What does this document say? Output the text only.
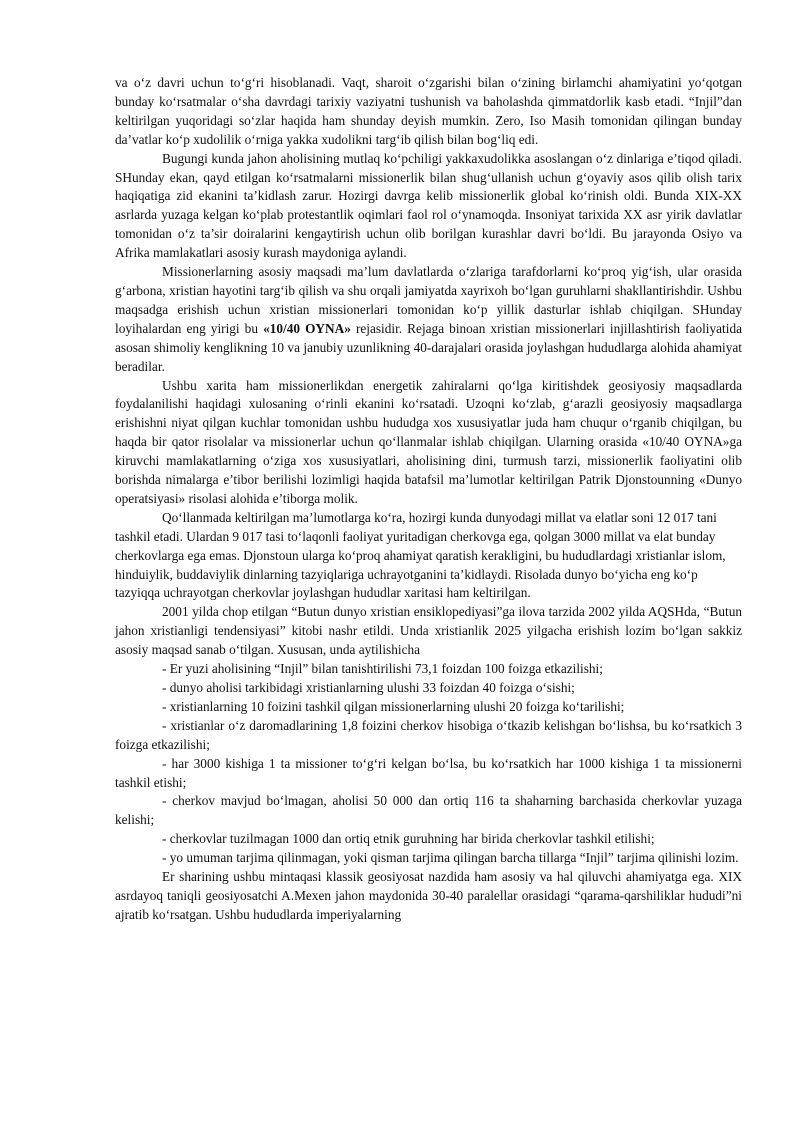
va o‘z davri uchun to‘g‘ri hisoblanadi. Vaqt, sharoit o‘zgarishi bilan o‘zining birlamchi ahamiyatini yo‘qotgan bunday ko‘rsatmalar o‘sha davrdagi tarixiy vaziyatni tushunish va baholashda qimmatdorlik kasb etadi. “Injil”dan keltirilgan yuqoridagi so‘zlar haqida ham shunday deyish mumkin. Zero, Iso Masih tomonidan qilingan bunday da’vatlar ko‘p xudolilik o‘rniga yakka xudolikni targ‘ib qilish bilan bog‘liq edi.

Bugungi kunda jahon aholisining mutlaq ko‘pchiligi yakkaxudolikka asoslangan o‘z dinlariga e’tiqod qiladi. SHunday ekan, qayd etilgan ko‘rsatmalarni missionerlik bilan shug‘ullanish uchun g‘oyaviy asos qilib olish tarix haqiqatiga zid ekanini ta’kidlash zarur. Hozirgi davrga kelib missionerlik global ko‘rinish oldi. Bunda XIX-XX asrlarda yuzaga kelgan ko‘plab protestantlik oqimlari faol rol o‘ynamoqda. Insoniyat tarixida XX asr yirik davlatlar tomonidan o‘z ta’sir doiralarini kengaytirish uchun olib borilgan kurashlar davri bo‘ldi. Bu jarayonda Osiyo va Afrika mamlakatlari asosiy kurash maydoniga aylandi.

Missionerlarning asosiy maqsadi ma’lum davlatlarda o‘zlariga tarafdorlarni ko‘proq yig‘ish, ular orasida g‘arbona, xristian hayotini targ‘ib qilish va shu orqali jamiyatda xayrixoh bo‘lgan guruhlarni shakllantirishdir. Ushbu maqsadga erishish uchun xristian missionerlari tomonidan ko‘p yillik dasturlar ishlab chiqilgan. SHunday loyihalardan eng yirigi bu «10/40 OYNA» rejasidir. Rejaga binoan xristian missionerlari injillashtirish faoliyatida asosan shimoliy kenglikning 10 va janubiy uzunlikning 40-darajalari orasida joylashgan hududlarga alohida ahamiyat beradilar.

Ushbu xarita ham missionerlikdan energetik zahiralarni qo‘lga kiritishdek geosiyosiy maqsadlarda foydalanilishi haqidagi xulosaning o‘rinli ekanini ko‘rsatadi. Uzoqni ko‘zlab, g‘arazli geosiyosiy maqsadlarga erishishni niyat qilgan kuchlar tomonidan ushbu hududga xos xususiyatlar juda ham chuqur o‘rganib chiqilgan, bu haqda bir qator risolalar va missionerlar uchun qo‘llanmalar ishlab chiqilgan. Ularning orasida «10/40 OYNA»ga kiruvchi mamlakatlarning o‘ziga xos xususiyatlari, aholisining dini, turmush tarzi, missionerlik faoliyatini olib borishda nimalarga e’tibor berilishi lozimligi haqida batafsil ma’lumotlar keltirilgan Patrik Djonstounning «Dunyo operatsiyasi» risolasi alohida e’tiborga molik.

Qo‘llanmada keltirilgan ma’lumotlarga ko‘ra, hozirgi kunda dunyodagi millat va elatlar soni 12 017 tani tashkil etadi. Ulardan 9 017 tasi to‘laqonli faoliyat yuritadigan cherkovga ega, qolgan 3000 millat va elat bunday cherkovlarga ega emas. Djonstoun ularga ko‘proq ahamiyat qaratish kerakligini, bu hududlardagi xristianlar islom, hinduiylik, buddaviylik dinlarning tazyiqlariga uchrayotganini ta’kidlaydi. Risolada dunyo bo‘yicha eng ko‘p tazyiqqa uchrayotgan cherkovlar joylashgan hududlar xaritasi ham keltirilgan.

2001 yilda chop etilgan “Butun dunyo xristian ensiklopediyasi”ga ilova tarzida 2002 yilda AQSHda, “Butun jahon xristianligi tendensiyasi” kitobi nashr etildi. Unda xristianlik 2025 yilgacha erishish lozim bo‘lgan sakkiz asosiy maqsad sanab o‘tilgan. Xususan, unda aytilishicha

- Er yuzi aholisining “Injil” bilan tanishtirilishi 73,1 foizdan 100 foizga etkazilishi;

- dunyo aholisi tarkibidagi xristianlarning ulushi 33 foizdan 40 foizga o‘sishi;

- xristianlarning 10 foizini tashkil qilgan missionerlarning ulushi 20 foizga ko‘tarilishi;

- xristianlar o‘z daromadlarining 1,8 foizini cherkov hisobiga o‘tkazib kelishgan bo‘lishsa, bu ko‘rsatkich 3 foizga etkazilishi;

- har 3000 kishiga 1 ta missioner to‘g‘ri kelgan bo‘lsa, bu ko‘rsatkich har 1000 kishiga 1 ta missionerni tashkil etishi;

- cherkov mavjud bo‘lmagan, aholisi 50 000 dan ortiq 116 ta shaharning barchasida cherkovlar yuzaga kelishi;

- cherkovlar tuzilmagan 1000 dan ortiq etnik guruhning har birida cherkovlar tashkil etilishi;

- yo umuman tarjima qilinmagan, yoki qisman tarjima qilingan barcha tillarga “Injil” tarjima qilinishi lozim.

Er sharining ushbu mintaqasi klassik geosiyosat nazdida ham asosiy va hal qiluvchi ahamiyatga ega. XIX asrdayoq taniqli geosiyosatchi A.Mexen jahon maydonida 30-40 paralellar orasidagi “qarama-qarshiliklar hududi”ni ajratib ko‘rsatgan. Ushbu hududlarda imperiyalarning
